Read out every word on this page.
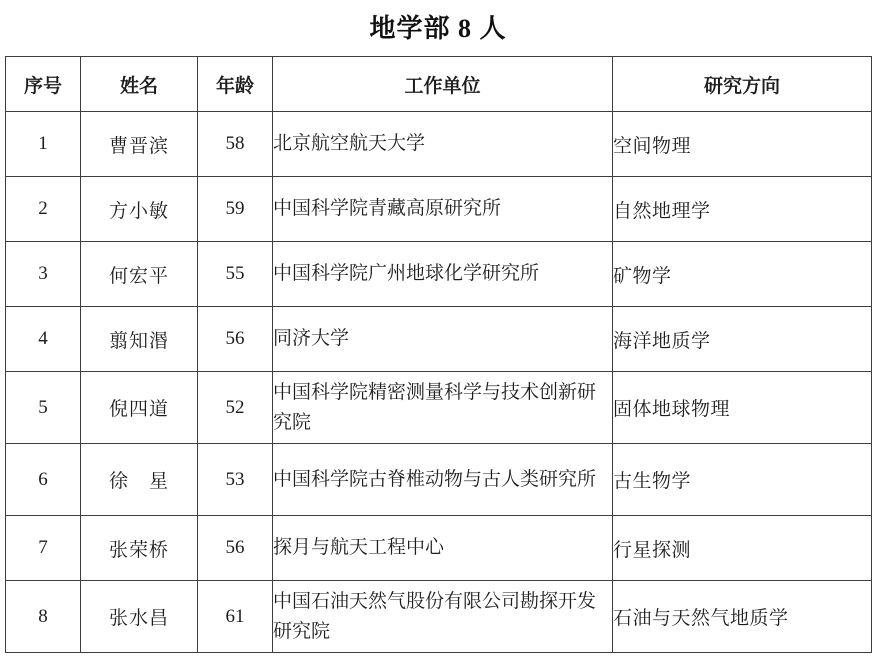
地学部 8 人
序号	姓名	年龄	工作单位	研究方向
1	曹晋滨	58	北京航空航天大学	空间物理
2	方小敏	59	中国科学院青藏高原研究所	自然地理学
3	何宏平	55	中国科学院广州地球化学研究所	矿物学
4	翦知湣	56	同济大学	海洋地质学
5	倪四道	52	中国科学院精密测量科学与技术创新研究院	固体地球物理
6	徐　星	53	中国科学院古脊椎动物与古人类研究所	古生物学
7	张荣桥	56	探月与航天工程中心	行星探测
8	张水昌	61	中国石油天然气股份有限公司勘探开发研究院	石油与天然气地质学
